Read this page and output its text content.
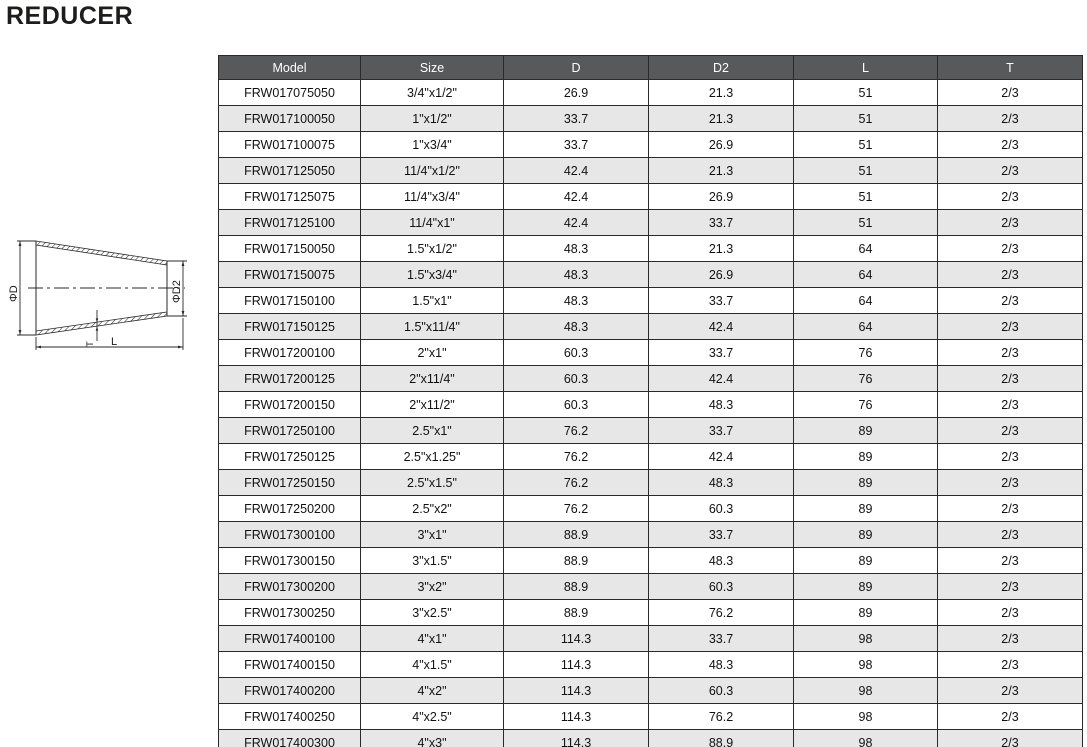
REDUCER
ΦD	ΦD2
T L
Model	Size	D	D2	L	T
FRW017075050	3/4"x1/2"	26.9	21.3	51	2/3
FRW017100050	1"x1/2"	33.7	21.3	51	2/3
FRW017100075	1"x3/4"	33.7	26.9	51	2/3
FRW017125050	11/4"x1/2"	42.4	21.3	51	2/3
FRW017125075	11/4"x3/4"	42.4	26.9	51	2/3
FRW017125100	11/4"x1"	42.4	33.7	51	2/3
FRW017150050	1.5"x1/2"	48.3	21.3	64	2/3
FRW017150075	1.5"x3/4"	48.3	26.9	64	2/3
FRW017150100	1.5"x1"	48.3	33.7	64	2/3
FRW017150125	1.5"x11/4"	48.3	42.4	64	2/3
FRW017200100	2"x1"	60.3	33.7	76	2/3
FRW017200125	2"x11/4"	60.3	42.4	76	2/3
FRW017200150	2"x11/2"	60.3	48.3	76	2/3
FRW017250100	2.5"x1"	76.2	33.7	89	2/3
FRW017250125	2.5"x1.25"	76.2	42.4	89	2/3
FRW017250150	2.5"x1.5"	76.2	48.3	89	2/3
FRW017250200	2.5"x2"	76.2	60.3	89	2/3
FRW017300100	3"x1"	88.9	33.7	89	2/3
FRW017300150	3"x1.5"	88.9	48.3	89	2/3
FRW017300200	3"x2"	88.9	60.3	89	2/3
FRW017300250	3"x2.5"	88.9	76.2	89	2/3
FRW017400100	4"x1"	114.3	33.7	98	2/3
FRW017400150	4"x1.5"	114.3	48.3	98	2/3
FRW017400200	4"x2"	114.3	60.3	98	2/3
FRW017400250	4"x2.5"	114.3	76.2	98	2/3
FRW017400300	4"x3"	114.3	88.9	98	2/3
